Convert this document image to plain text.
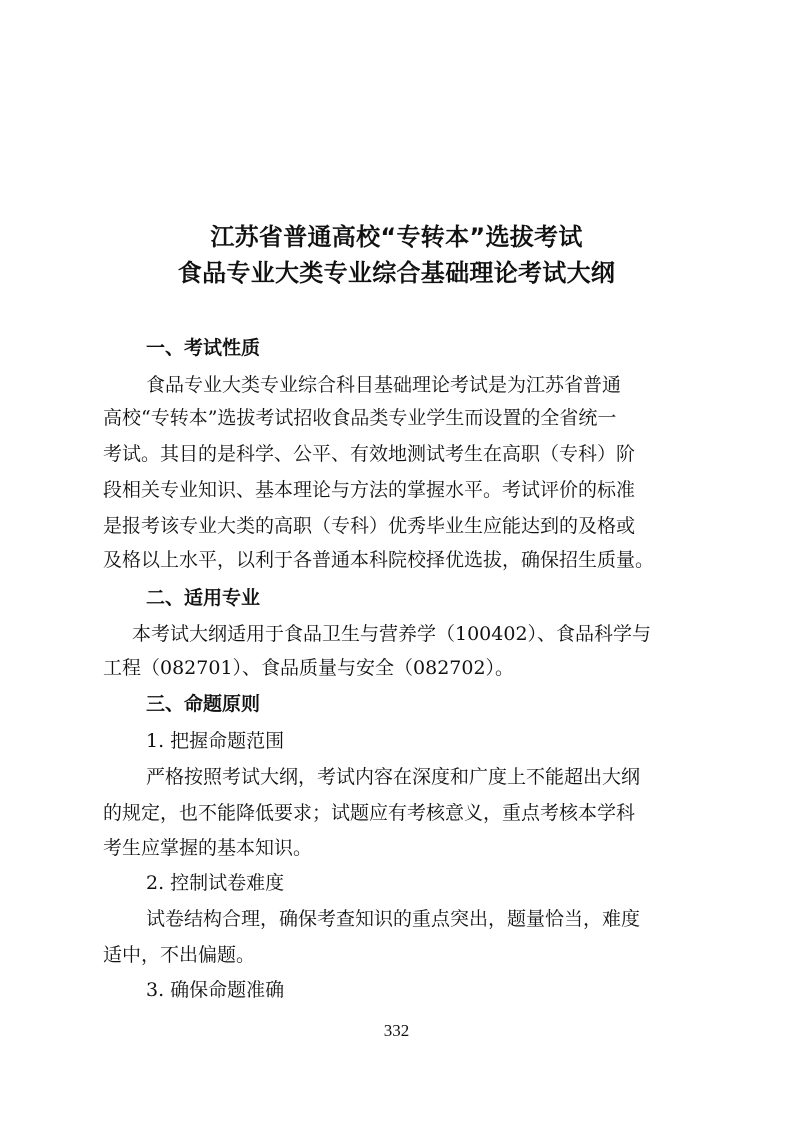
江苏省普通高校“专转本”选拔考试
食品专业大类专业综合基础理论考试大纲
一、考试性质
食品专业大类专业综合科目基础理论考试是为江苏省普通
高校“专转本”选拔考试招收食品类专业学生而设置的全省统一
考试。其目的是科学、公平、有效地测试考生在高职（专科）阶
段相关专业知识、基本理论与方法的掌握水平。考试评价的标准
是报考该专业大类的高职（专科）优秀毕业生应能达到的及格或
及格以上水平，以利于各普通本科院校择优选拔，确保招生质量。
二、适用专业
本考试大纲适用于食品卫生与营养学（100402）、食品科学与
工程（082701）、食品质量与安全（082702）。
三、命题原则
1. 把握命题范围
严格按照考试大纲，考试内容在深度和广度上不能超出大纲
的规定，也不能降低要求；试题应有考核意义，重点考核本学科
考生应掌握的基本知识。
2. 控制试卷难度
试卷结构合理，确保考查知识的重点突出，题量恰当，难度
适中，不出偏题。
3. 确保命题准确
332
